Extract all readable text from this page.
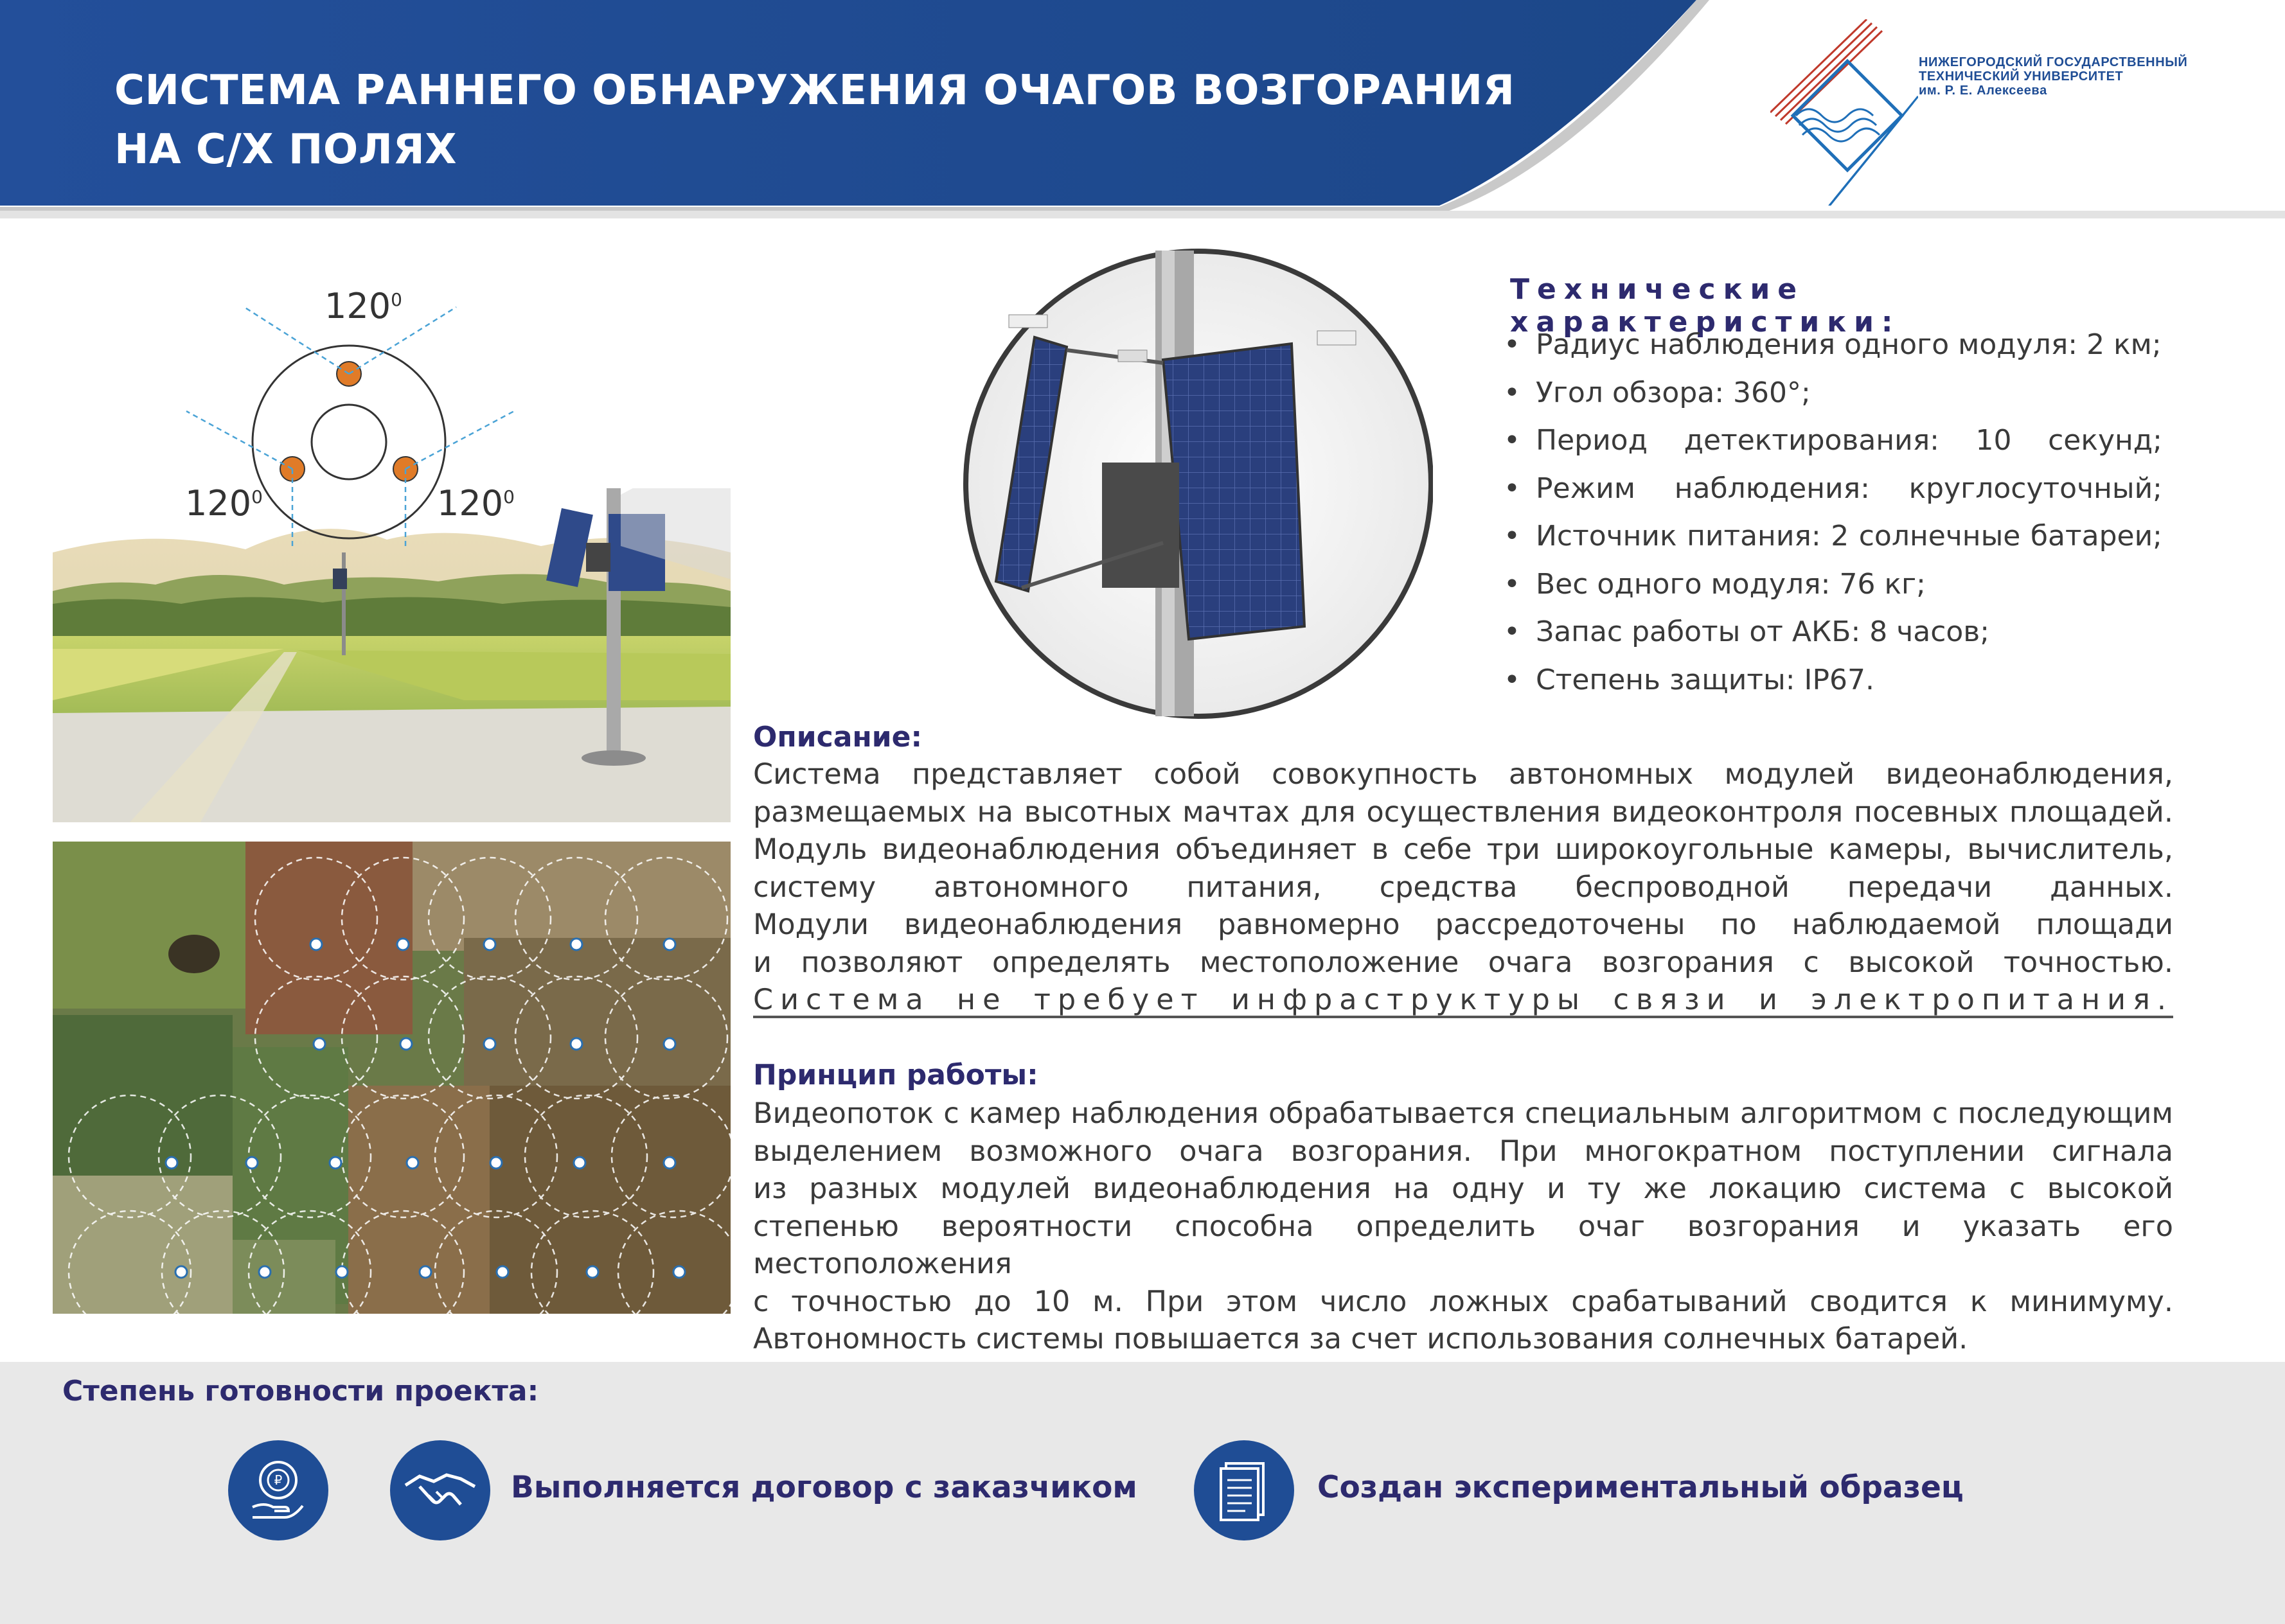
СИСТЕМА РАННЕГО ОБНАРУЖЕНИЯ ОЧАГОВ ВОЗГОРАНИЯ
НА С/Х ПОЛЯХ
НИЖЕГОРОДСКИЙ ГОСУДАРСТВЕННЫЙ
ТЕХНИЧЕСКИЙ УНИВЕРСИТЕТ
им. Р. Е. Алексеева
$120^0$
$120^0$	$120^0$
Технические характеристики:
• Радиус наблюдения одного модуля: 2 км;
• Угол обзора: 360°;
• Период детектирования: 10 секунд;
• Режим наблюдения: круглосуточный;
• Источник питания: 2 солнечные батареи;
• Вес одного модуля: 76 кг;
• Запас работы от АКБ: 8 часов;
• Степень защиты: IP67.
Описание:
Система представляет собой совокупность автономных модулей видеонаблюдения,
размещаемых на высотных мачтах для осуществления видеоконтроля посевных площадей.
Модуль видеонаблюдения объединяет в себе три широкоугольные камеры, вычислитель,
систему автономного питания, средства беспроводной передачи данных.
Модули видеонаблюдения равномерно рассредоточены по наблюдаемой площади
и позволяют определять местоположение очага возгорания с высокой точностью.
Система не требует инфраструктуры связи и электропитания.
Принцип работы:
Видеопоток с камер наблюдения обрабатывается специальным алгоритмом с последующим
выделением возможного очага возгорания. При многократном поступлении сигнала
из разных модулей видеонаблюдения на одну и ту же локацию система с высокой
степенью вероятности способна определить очаг возгорания и указать его местоположения
с точностью до 10 м. При этом число ложных срабатываний сводится к минимуму.
Автономность системы повышается за счет использования солнечных батарей.
Степень готовности проекта:
₽	Выполняется договор с заказчиком	Создан экспериментальный образец
